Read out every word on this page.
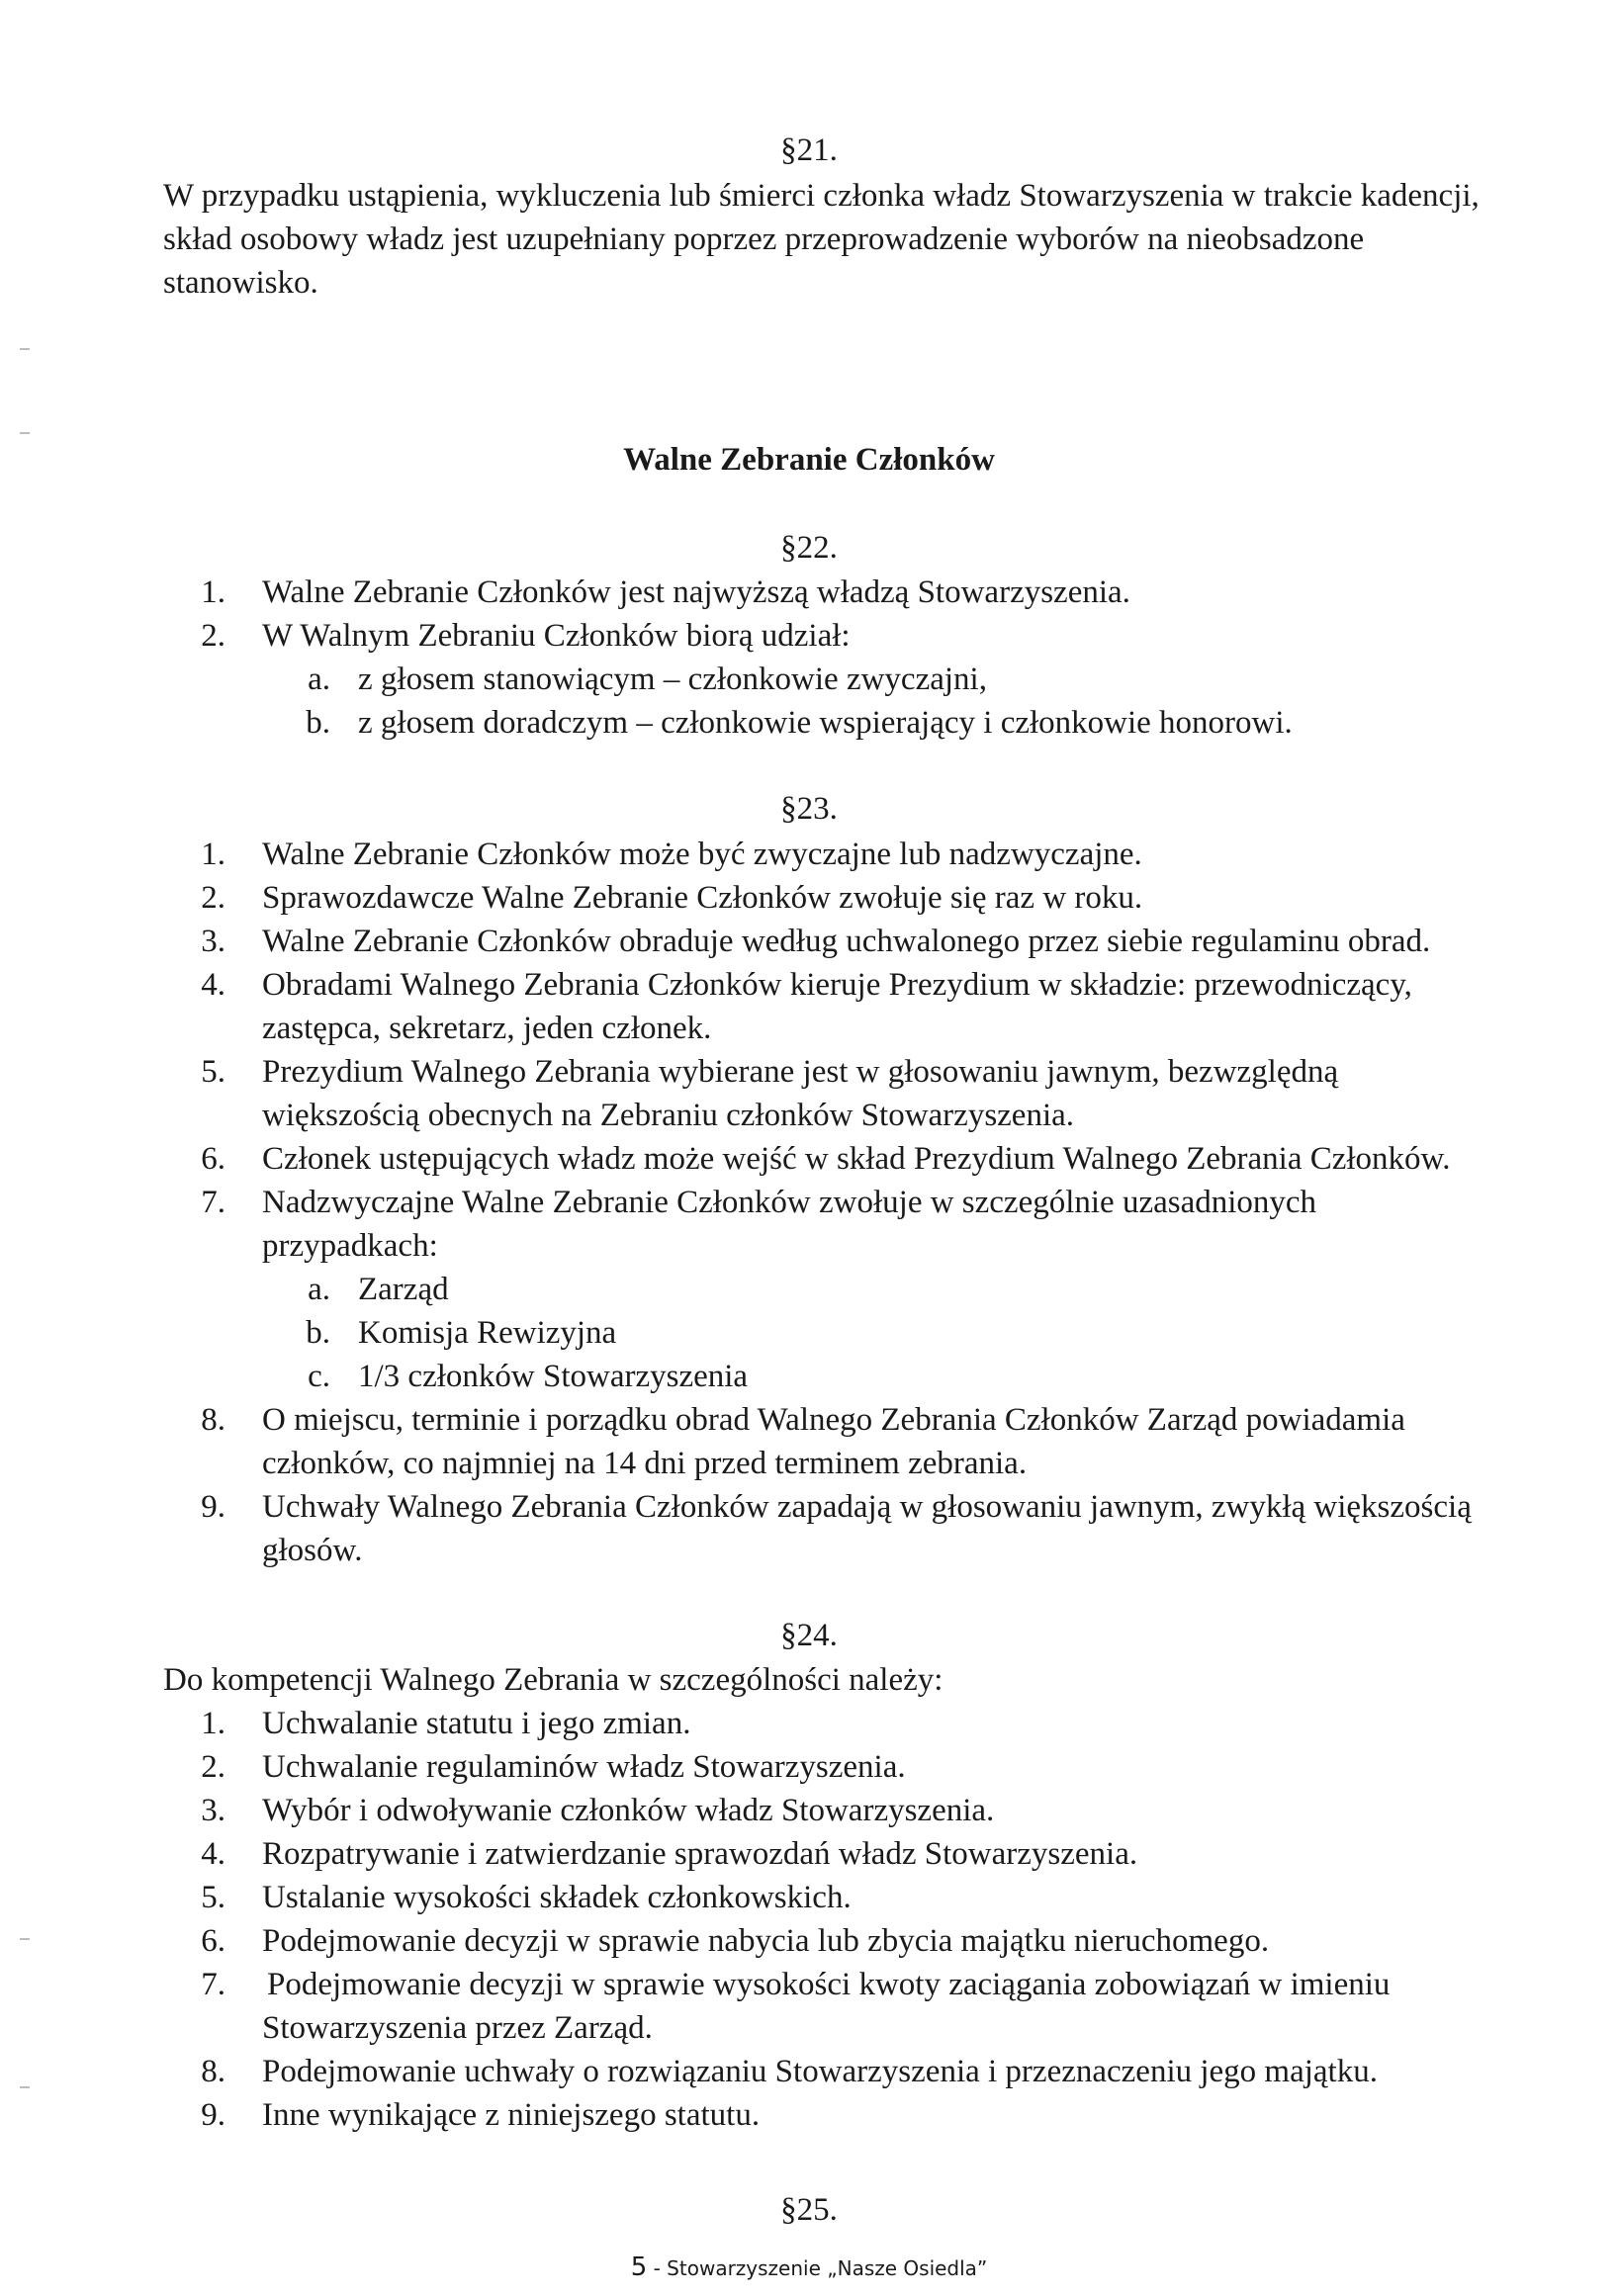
§21.
W przypadku ustąpienia, wykluczenia lub śmierci członka władz Stowarzyszenia w trakcie kadencji,
skład osobowy władz jest uzupełniany poprzez przeprowadzenie wyborów na nieobsadzone
stanowisko.
Walne Zebranie Członków
§22.
1. Walne Zebranie Członków jest najwyższą władzą Stowarzyszenia.
2. W Walnym Zebraniu Członków biorą udział:
a. z głosem stanowiącym – członkowie zwyczajni,
b. z głosem doradczym – członkowie wspierający i członkowie honorowi.
§23.
1. Walne Zebranie Członków może być zwyczajne lub nadzwyczajne.
2. Sprawozdawcze Walne Zebranie Członków zwołuje się raz w roku.
3. Walne Zebranie Członków obraduje według uchwalonego przez siebie regulaminu obrad.
4. Obradami Walnego Zebrania Członków kieruje Prezydium w składzie: przewodniczący,
zastępca, sekretarz, jeden członek.
5. Prezydium Walnego Zebrania wybierane jest w głosowaniu jawnym, bezwzględną
większością obecnych na Zebraniu członków Stowarzyszenia.
6. Członek ustępujących władz może wejść w skład Prezydium Walnego Zebrania Członków.
7. Nadzwyczajne Walne Zebranie Członków zwołuje w szczególnie uzasadnionych
przypadkach:
a. Zarząd
b. Komisja Rewizyjna
c. 1/3 członków Stowarzyszenia
8. O miejscu, terminie i porządku obrad Walnego Zebrania Członków Zarząd powiadamia
członków, co najmniej na 14 dni przed terminem zebrania.
9. Uchwały Walnego Zebrania Członków zapadają w głosowaniu jawnym, zwykłą większością
głosów.
§24.
Do kompetencji Walnego Zebrania w szczególności należy:
1. Uchwalanie statutu i jego zmian.
2. Uchwalanie regulaminów władz Stowarzyszenia.
3. Wybór i odwoływanie członków władz Stowarzyszenia.
4. Rozpatrywanie i zatwierdzanie sprawozdań władz Stowarzyszenia.
5. Ustalanie wysokości składek członkowskich.
6. Podejmowanie decyzji w sprawie nabycia lub zbycia majątku nieruchomego.
7. Podejmowanie decyzji w sprawie wysokości kwoty zaciągania zobowiązań w imieniu
Stowarzyszenia przez Zarząd.
8. Podejmowanie uchwały o rozwiązaniu Stowarzyszenia i przeznaczeniu jego majątku.
9. Inne wynikające z niniejszego statutu.
§25.
5 - Stowarzyszenie „Nasze Osiedla”
